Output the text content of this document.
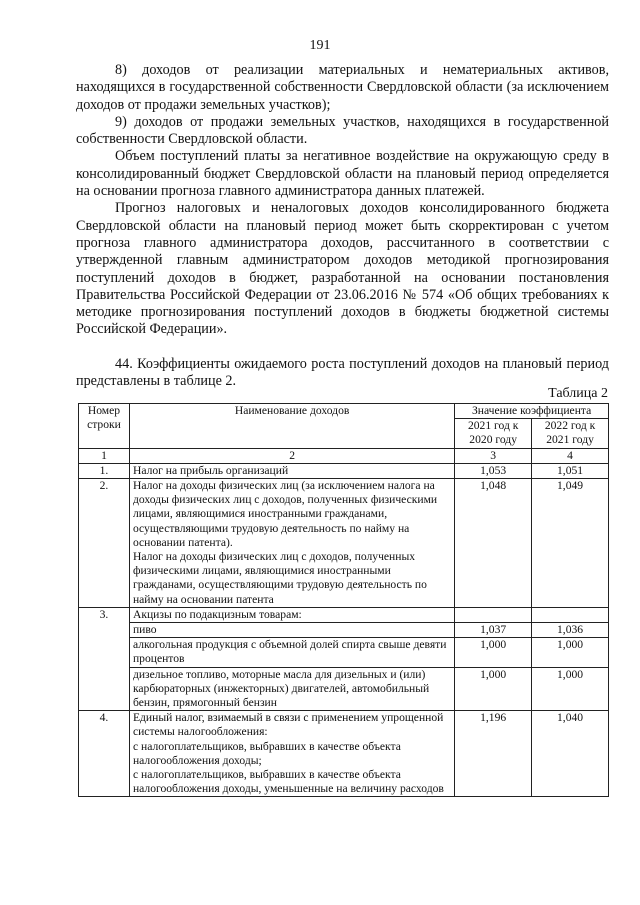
191

8) доходов от реализации материальных и нематериальных активов, находящихся в государственной собственности Свердловской области (за исключением доходов от продажи земельных участков);

9) доходов от продажи земельных участков, находящихся в государственной собственности Свердловской области.

Объем поступлений платы за негативное воздействие на окружающую среду в консолидированный бюджет Свердловской области на плановый период определяется на основании прогноза главного администратора данных платежей.

Прогноз налоговых и неналоговых доходов консолидированного бюджета Свердловской области на плановый период может быть скорректирован с учетом прогноза главного администратора доходов, рассчитанного в соответствии с утвержденной главным администратором доходов методикой прогнозирования поступлений доходов в бюджет, разработанной на основании постановления Правительства Российской Федерации от 23.06.2016 № 574 «Об общих требованиях к методике прогнозирования поступлений доходов в бюджеты бюджетной системы Российской Федерации».

44. Коэффициенты ожидаемого роста поступлений доходов на плановый период представлены в таблице 2.

Таблица 2
Номер строки	Наименование доходов	Значение коэффициента	
		2021 год к 2020 году	2022 год к 2021 году
1	2	3	4
1.	Налог на прибыль организаций	1,053	1,051
2.	Налог на доходы физических лиц (за исключением налога на доходы физических лиц с доходов, полученных физическими лицами, являющимися иностранными гражданами, осуществляющими трудовую деятельность по найму на основании патента).
Налог на доходы физических лиц с доходов, полученных физическими лицами, являющимися иностранными гражданами, осуществляющими трудовую деятельность по найму на основании патента	1,048	1,049
3.	Акцизы по подакцизным товарам:		
	пиво	1,037	1,036
	алкогольная продукция с объемной долей спирта свыше девяти процентов	1,000	1,000
	дизельное топливо, моторные масла для дизельных и (или) карбюраторных (инжекторных) двигателей, автомобильный бензин, прямогонный бензин	1,000	1,000
4.	Единый налог, взимаемый в связи с применением упрощенной системы налогообложения:
с налогоплательщиков, выбравших в качестве объекта налогообложения доходы;
с налогоплательщиков, выбравших в качестве объекта налогообложения доходы, уменьшенные на величину расходов	1,196	1,040
